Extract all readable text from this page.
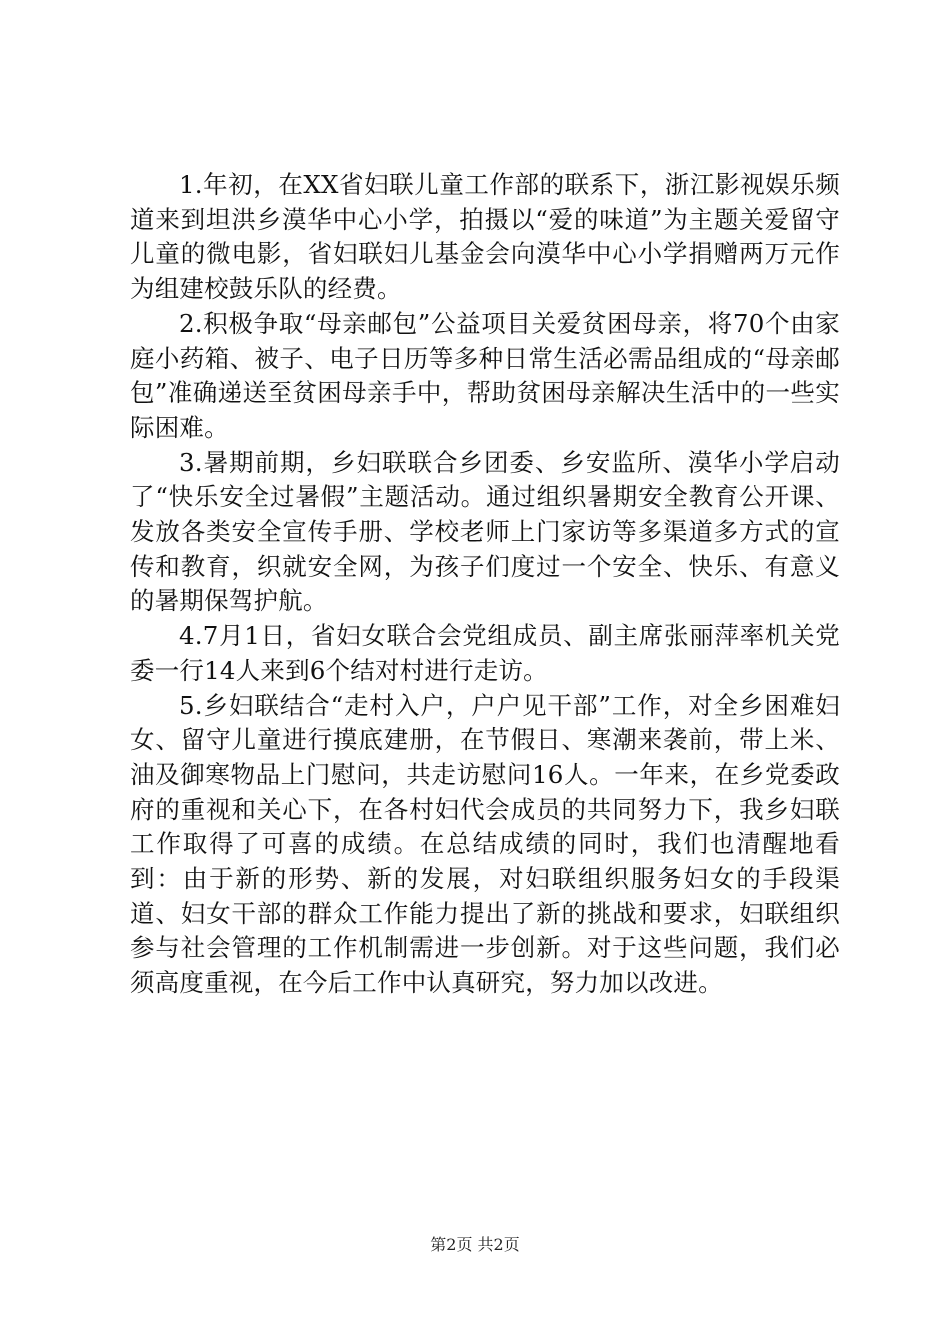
1.年初，在XX省妇联儿童工作部的联系下，浙江影视娱乐频道来到坦洪乡漠华中心小学，拍摄以“爱的味道”为主题关爱留守儿童的微电影，省妇联妇儿基金会向漠华中心小学捐赠两万元作为组建校鼓乐队的经费。

2.积极争取“母亲邮包”公益项目关爱贫困母亲，将70个由家庭小药箱、被子、电子日历等多种日常生活必需品组成的“母亲邮包”准确递送至贫困母亲手中，帮助贫困母亲解决生活中的一些实际困难。

3.暑期前期，乡妇联联合乡团委、乡安监所、漠华小学启动了“快乐安全过暑假”主题活动。通过组织暑期安全教育公开课、发放各类安全宣传手册、学校老师上门家访等多渠道多方式的宣传和教育，织就安全网，为孩子们度过一个安全、快乐、有意义的暑期保驾护航。

4.7月1日，省妇女联合会党组成员、副主席张丽萍率机关党委一行14人来到6个结对村进行走访。

5.乡妇联结合“走村入户，户户见干部”工作，对全乡困难妇女、留守儿童进行摸底建册，在节假日、寒潮来袭前，带上米、油及御寒物品上门慰问，共走访慰问16人。一年来，在乡党委政府的重视和关心下，在各村妇代会成员的共同努力下，我乡妇联工作取得了可喜的成绩。在总结成绩的同时，我们也清醒地看到：由于新的形势、新的发展，对妇联组织服务妇女的手段渠道、妇女干部的群众工作能力提出了新的挑战和要求，妇联组织参与社会管理的工作机制需进一步创新。对于这些问题，我们必须高度重视，在今后工作中认真研究，努力加以改进。

第2页 共2页
